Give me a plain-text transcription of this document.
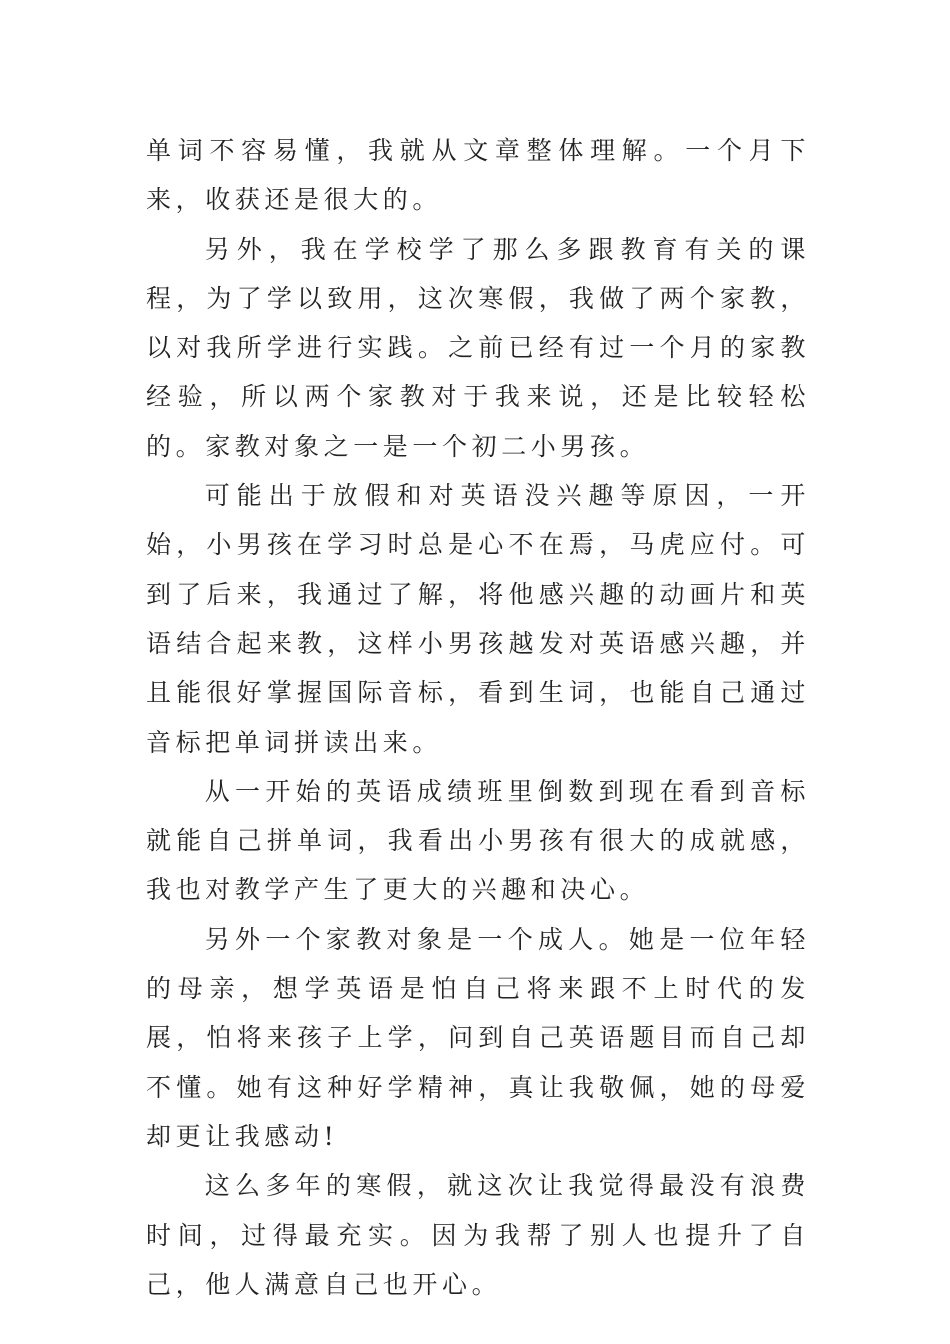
单词不容易懂，我就从文章整体理解。一个月下来，收获还是很大的。

另外，我在学校学了那么多跟教育有关的课程，为了学以致用，这次寒假，我做了两个家教，以对我所学进行实践。之前已经有过一个月的家教经验，所以两个家教对于我来说，还是比较轻松的。家教对象之一是一个初二小男孩。

可能出于放假和对英语没兴趣等原因，一开始，小男孩在学习时总是心不在焉，马虎应付。可到了后来，我通过了解，将他感兴趣的动画片和英语结合起来教，这样小男孩越发对英语感兴趣，并且能很好掌握国际音标，看到生词，也能自己通过音标把单词拼读出来。

从一开始的英语成绩班里倒数到现在看到音标就能自己拼单词，我看出小男孩有很大的成就感，我也对教学产生了更大的兴趣和决心。

另外一个家教对象是一个成人。她是一位年轻的母亲，想学英语是怕自己将来跟不上时代的发展，怕将来孩子上学，问到自己英语题目而自己却不懂。她有这种好学精神，真让我敬佩，她的母爱却更让我感动!

这么多年的寒假，就这次让我觉得最没有浪费时间，过得最充实。因为我帮了别人也提升了自己，他人满意自己也开心。
